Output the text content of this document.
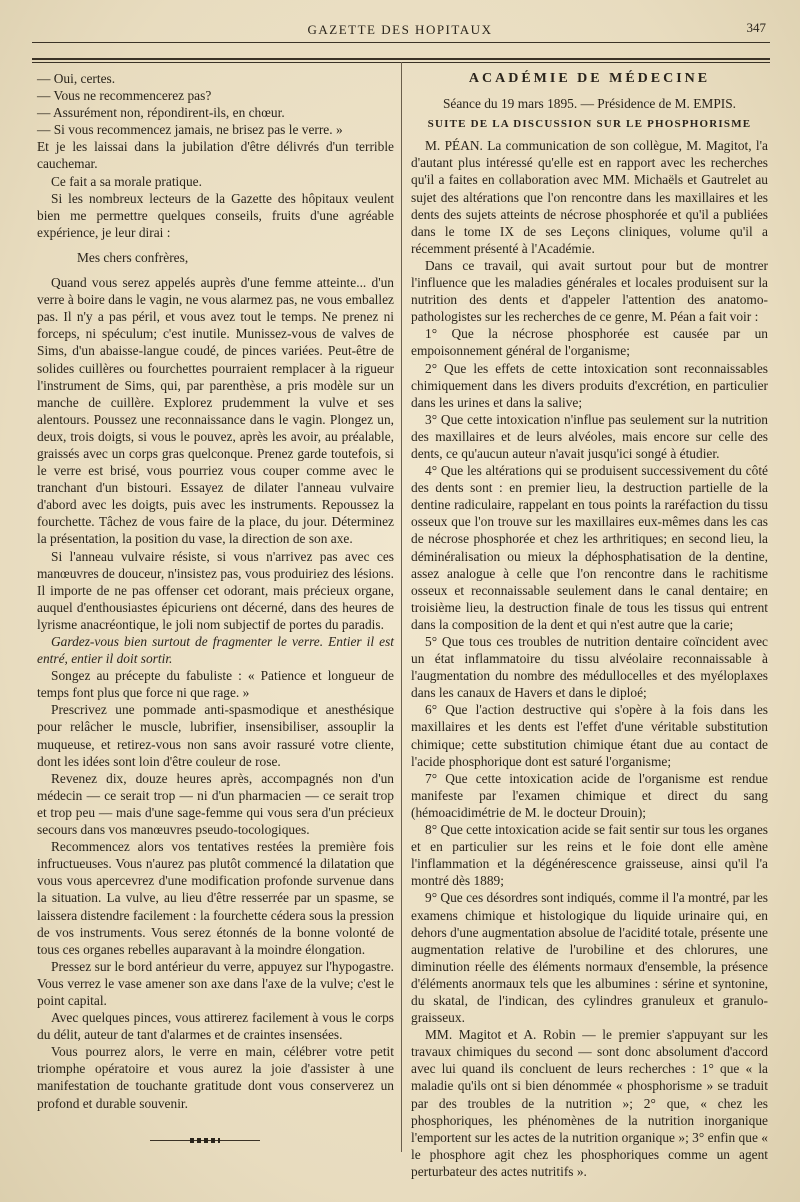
GAZETTE DES HOPITAUX	347

— Oui, certes.

— Vous ne recommencerez pas?

— Assurément non, répondirent-ils, en chœur.

— Si vous recommencez jamais, ne brisez pas le verre. »

Et je les laissai dans la jubilation d'être délivrés d'un terrible cauchemar.

Ce fait a sa morale pratique.

Si les nombreux lecteurs de la Gazette des hôpitaux veulent bien me permettre quelques conseils, fruits d'une agréable expérience, je leur dirai :

Mes chers confrères,

Quand vous serez appelés auprès d'une femme atteinte... d'un verre à boire dans le vagin, ne vous alarmez pas, ne vous emballez pas. Il n'y a pas péril, et vous avez tout le temps. Ne prenez ni forceps, ni spéculum; c'est inutile. Munissez-vous de valves de Sims, d'un abaisse-langue coudé, de pinces variées. Peut-être de solides cuillères ou fourchettes pourraient remplacer à la rigueur l'instrument de Sims, qui, par parenthèse, a pris modèle sur un manche de cuillère. Explorez prudemment la vulve et ses alentours. Poussez une reconnaissance dans le vagin. Plongez un, deux, trois doigts, si vous le pouvez, après les avoir, au préalable, graissés avec un corps gras quelconque. Prenez garde toutefois, si le verre est brisé, vous pourriez vous couper comme avec le tranchant d'un bistouri. Essayez de dilater l'anneau vulvaire d'abord avec les doigts, puis avec les instruments. Repoussez la fourchette. Tâchez de vous faire de la place, du jour. Déterminez la présentation, la position du vase, la direction de son axe.

Si l'anneau vulvaire résiste, si vous n'arrivez pas avec ces manœuvres de douceur, n'insistez pas, vous produiriez des lésions. Il importe de ne pas offenser cet odorant, mais précieux organe, auquel d'enthousiastes épicuriens ont décerné, dans des heures de lyrisme anacréontique, le joli nom subjectif de portes du paradis.

Gardez-vous bien surtout de fragmenter le verre. Entier il est entré, entier il doit sortir.

Songez au précepte du fabuliste : « Patience et longueur de temps font plus que force ni que rage. »

Prescrivez une pommade anti-spasmodique et anesthésique pour relâcher le muscle, lubrifier, insensibiliser, assouplir la muqueuse, et retirez-vous non sans avoir rassuré votre cliente, dont les idées sont loin d'être couleur de rose.

Revenez dix, douze heures après, accompagnés non d'un médecin — ce serait trop — ni d'un pharmacien — ce serait trop et trop peu — mais d'une sage-femme qui vous sera d'un précieux secours dans vos manœuvres pseudo-tocologiques.

Recommencez alors vos tentatives restées la première fois infructueuses. Vous n'aurez pas plutôt commencé la dilatation que vous vous apercevrez d'une modification profonde survenue dans la situation. La vulve, au lieu d'être resserrée par un spasme, se laissera distendre facilement : la fourchette cédera sous la pression de vos instruments. Vous serez étonnés de la bonne volonté de tous ces organes rebelles auparavant à la moindre élongation.

Pressez sur le bord antérieur du verre, appuyez sur l'hypogastre. Vous verrez le vase amener son axe dans l'axe de la vulve; c'est le point capital.

Avec quelques pinces, vous attirerez facilement à vous le corps du délit, auteur de tant d'alarmes et de craintes insensées.

Vous pourrez alors, le verre en main, célébrer votre petit triomphe opératoire et vous aurez la joie d'assister à une manifestation de touchante gratitude dont vous conserverez un profond et durable souvenir.

ACADÉMIE DE MÉDECINE
Séance du 19 mars 1895. — Présidence de M. EMPIS.
SUITE DE LA DISCUSSION SUR LE PHOSPHORISME

M. PÉAN. La communication de son collègue, M. Magitot, l'a d'autant plus intéressé qu'elle est en rapport avec les recherches qu'il a faites en collaboration avec MM. Michaëls et Gautrelet au sujet des altérations que l'on rencontre dans les maxillaires et les dents des sujets atteints de nécrose phosphorée et qu'il a publiées dans le tome IX de ses Leçons cliniques, volume qu'il a récemment présenté à l'Académie.

Dans ce travail, qui avait surtout pour but de montrer l'influence que les maladies générales et locales produisent sur la nutrition des dents et d'appeler l'attention des anatomo-pathologistes sur les recherches de ce genre, M. Péan a fait voir :

1° Que la nécrose phosphorée est causée par un empoisonnement général de l'organisme;

2° Que les effets de cette intoxication sont reconnaissables chimiquement dans les divers produits d'excrétion, en particulier dans les urines et dans la salive;

3° Que cette intoxication n'influe pas seulement sur la nutrition des maxillaires et de leurs alvéoles, mais encore sur celle des dents, ce qu'aucun auteur n'avait jusqu'ici songé à étudier.

4° Que les altérations qui se produisent successivement du côté des dents sont : en premier lieu, la destruction partielle de la dentine radiculaire, rappelant en tous points la raréfaction du tissu osseux que l'on trouve sur les maxillaires eux-mêmes dans les cas de nécrose phosphorée et chez les arthritiques; en second lieu, la déminéralisation ou mieux la déphosphatisation de la dentine, assez analogue à celle que l'on rencontre dans le rachitisme osseux et reconnaissable seulement dans le canal dentaire; en troisième lieu, la destruction finale de tous les tissus qui entrent dans la composition de la dent et qui n'est autre que la carie;

5° Que tous ces troubles de nutrition dentaire coïncident avec un état inflammatoire du tissu alvéolaire reconnaissable à l'augmentation du nombre des médullocelles et des myéloplaxes dans les canaux de Havers et dans le diploé;

6° Que l'action destructive qui s'opère à la fois dans les maxillaires et les dents est l'effet d'une véritable substitution chimique; cette substitution chimique étant due au contact de l'acide phosphorique dont est saturé l'organisme;

7° Que cette intoxication acide de l'organisme est rendue manifeste par l'examen chimique et direct du sang (hémoacidimétrie de M. le docteur Drouin);

8° Que cette intoxication acide se fait sentir sur tous les organes et en particulier sur les reins et le foie dont elle amène l'inflammation et la dégénérescence graisseuse, ainsi qu'il l'a montré dès 1889;

9° Que ces désordres sont indiqués, comme il l'a montré, par les examens chimique et histologique du liquide urinaire qui, en dehors d'une augmentation absolue de l'acidité totale, présente une augmentation relative de l'urobiline et des chlorures, une diminution réelle des éléments normaux d'ensemble, la présence d'éléments anormaux tels que les albumines : sérine et syntonine, du skatal, de l'indican, des cylindres granuleux et granulo-graisseux.

MM. Magitot et A. Robin — le premier s'appuyant sur les travaux chimiques du second — sont donc absolument d'accord avec lui quand ils concluent de leurs recherches : 1° que « la maladie qu'ils ont si bien dénommée « phosphorisme » se traduit par des troubles de la nutrition »; 2° que, « chez les phosphoriques, les phénomènes de la nutrition inorganique l'emportent sur les actes de la nutrition organique »; 3° enfin que « le phosphore agit chez les phosphoriques comme un agent perturbateur des actes nutritifs ».
